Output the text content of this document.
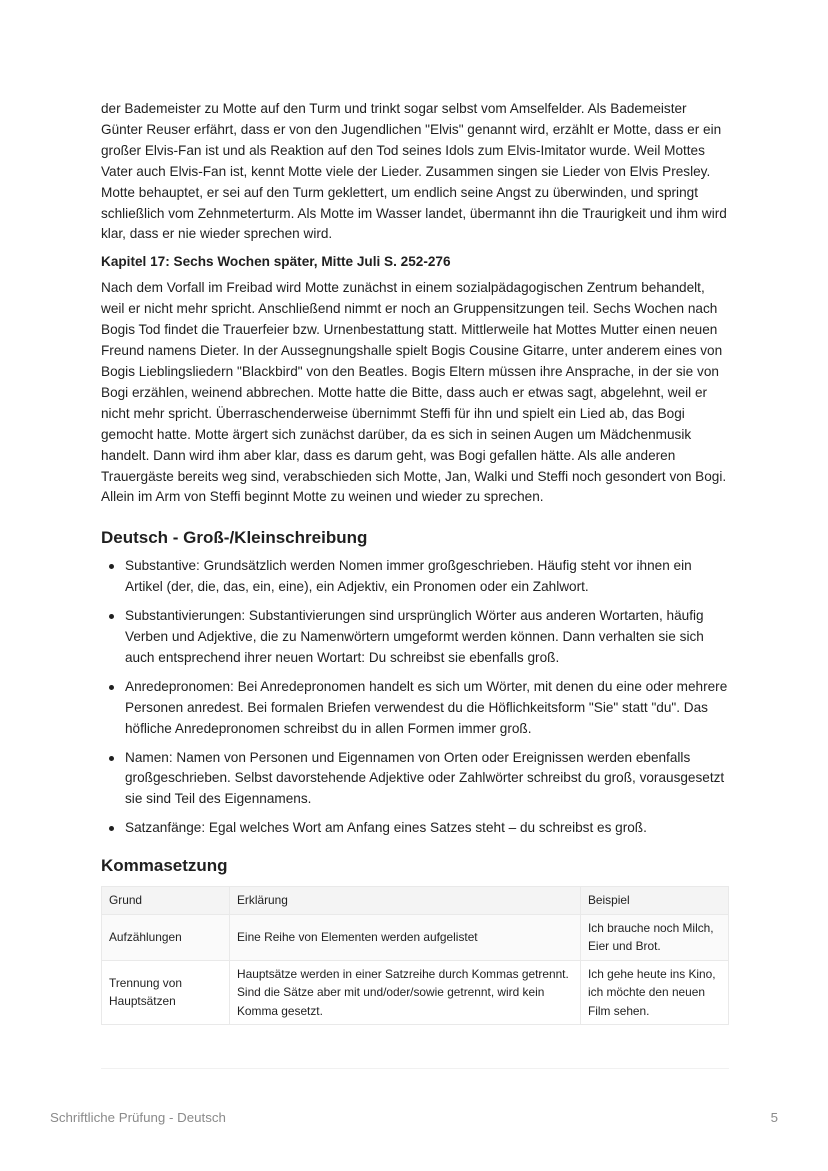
der Bademeister zu Motte auf den Turm und trinkt sogar selbst vom Amselfelder. Als Bademeister Günter Reuser erfährt, dass er von den Jugendlichen "Elvis" genannt wird, erzählt er Motte, dass er ein großer Elvis-Fan ist und als Reaktion auf den Tod seines Idols zum Elvis-Imitator wurde. Weil Mottes Vater auch Elvis-Fan ist, kennt Motte viele der Lieder. Zusammen singen sie Lieder von Elvis Presley. Motte behauptet, er sei auf den Turm geklettert, um endlich seine Angst zu überwinden, und springt schließlich vom Zehnmeterturm. Als Motte im Wasser landet, übermannt ihn die Traurigkeit und ihm wird klar, dass er nie wieder sprechen wird.

Kapitel 17: Sechs Wochen später, Mitte Juli S. 252-276

Nach dem Vorfall im Freibad wird Motte zunächst in einem sozialpädagogischen Zentrum behandelt, weil er nicht mehr spricht. Anschließend nimmt er noch an Gruppensitzungen teil. Sechs Wochen nach Bogis Tod findet die Trauerfeier bzw. Urnenbestattung statt. Mittlerweile hat Mottes Mutter einen neuen Freund namens Dieter. In der Aussegnungshalle spielt Bogis Cousine Gitarre, unter anderem eines von Bogis Lieblingsliedern "Blackbird" von den Beatles. Bogis Eltern müssen ihre Ansprache, in der sie von Bogi erzählen, weinend abbrechen. Motte hatte die Bitte, dass auch er etwas sagt, abgelehnt, weil er nicht mehr spricht. Überraschenderweise übernimmt Steffi für ihn und spielt ein Lied ab, das Bogi gemocht hatte. Motte ärgert sich zunächst darüber, da es sich in seinen Augen um Mädchenmusik handelt. Dann wird ihm aber klar, dass es darum geht, was Bogi gefallen hätte. Als alle anderen Trauergäste bereits weg sind, verabschieden sich Motte, Jan, Walki und Steffi noch gesondert von Bogi. Allein im Arm von Steffi beginnt Motte zu weinen und wieder zu sprechen.

Deutsch - Groß-/Kleinschreibung
Substantive: Grundsätzlich werden Nomen immer großgeschrieben. Häufig steht vor ihnen ein Artikel (der, die, das, ein, eine), ein Adjektiv, ein Pronomen oder ein Zahlwort.
Substantivierungen: Substantivierungen sind ursprünglich Wörter aus anderen Wortarten, häufig Verben und Adjektive, die zu Namenwörtern umgeformt werden können. Dann verhalten sie sich auch entsprechend ihrer neuen Wortart: Du schreibst sie ebenfalls groß.
Anredepronomen: Bei Anredepronomen handelt es sich um Wörter, mit denen du eine oder mehrere Personen anredest. Bei formalen Briefen verwendest du die Höflichkeitsform "Sie" statt "du". Das höfliche Anredepronomen schreibst du in allen Formen immer groß.
Namen: Namen von Personen und Eigennamen von Orten oder Ereignissen werden ebenfalls großgeschrieben. Selbst davorstehende Adjektive oder Zahlwörter schreibst du groß, vorausgesetzt sie sind Teil des Eigennamens.
Satzanfänge: Egal welches Wort am Anfang eines Satzes steht – du schreibst es groß.
Kommasetzung
Grund	Erklärung	Beispiel
Aufzählungen	Eine Reihe von Elementen werden aufgelistet	Ich brauche noch Milch, Eier und Brot.
Trennung von Hauptsätzen	Hauptsätze werden in einer Satzreihe durch Kommas getrennt. Sind die Sätze aber mit und/oder/sowie getrennt, wird kein Komma gesetzt.	Ich gehe heute ins Kino, ich möchte den neuen Film sehen.
Schriftliche Prüfung - Deutsch	5
